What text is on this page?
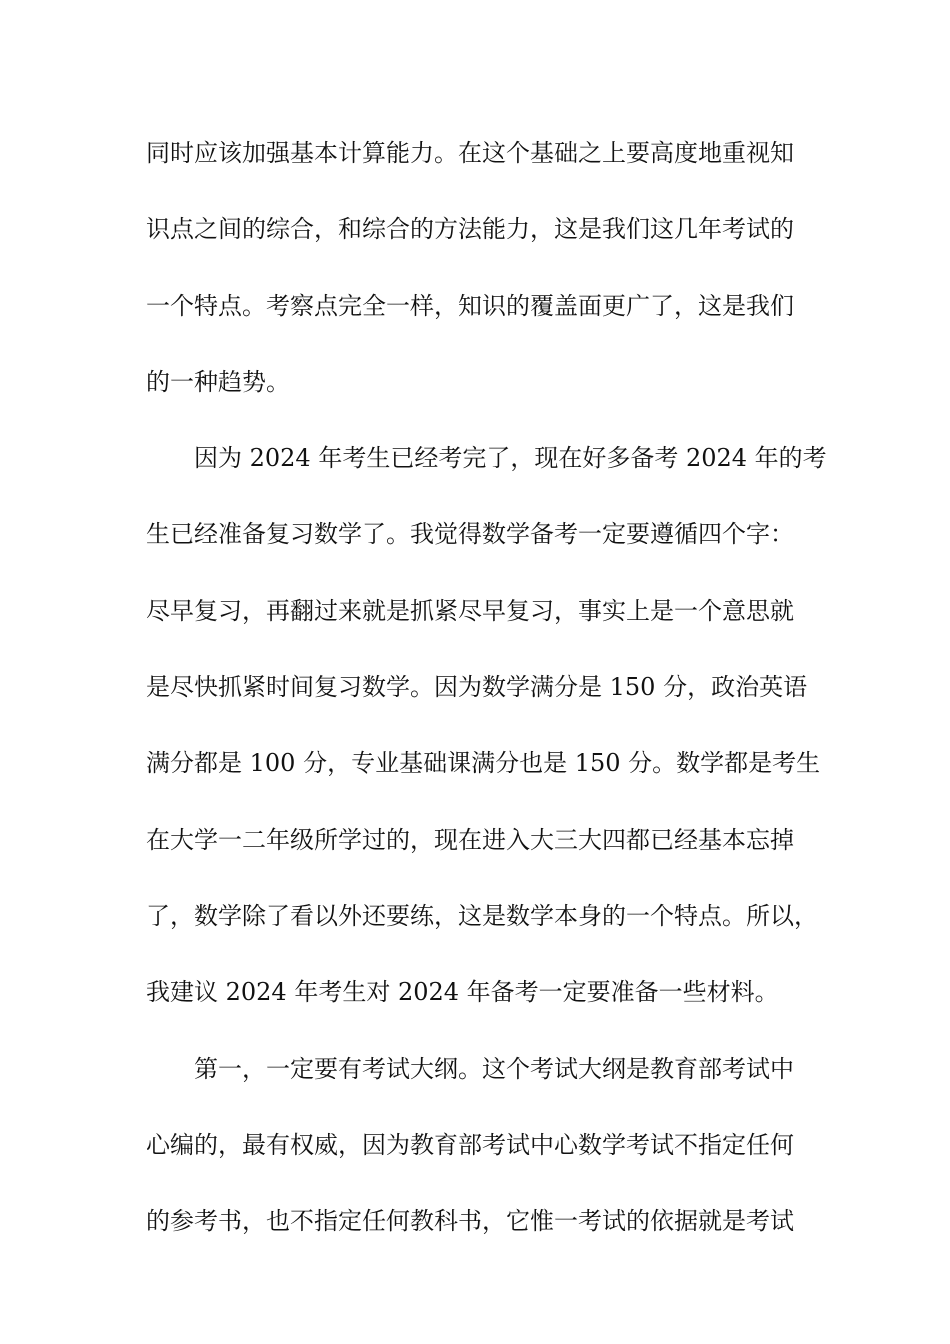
同时应该加强基本计算能力。在这个基础之上要高度地重视知
识点之间的综合，和综合的方法能力，这是我们这几年考试的
一个特点。考察点完全一样，知识的覆盖面更广了，这是我们
的一种趋势。
因为 2024 年考生已经考完了，现在好多备考 2024 年的考
生已经准备复习数学了。我觉得数学备考一定要遵循四个字：
尽早复习，再翻过来就是抓紧尽早复习，事实上是一个意思就
是尽快抓紧时间复习数学。因为数学满分是 150 分，政治英语
满分都是 100 分，专业基础课满分也是 150 分。数学都是考生
在大学一二年级所学过的，现在进入大三大四都已经基本忘掉
了，数学除了看以外还要练，这是数学本身的一个特点。所以，
我建议 2024 年考生对 2024 年备考一定要准备一些材料。
第一，一定要有考试大纲。这个考试大纲是教育部考试中
心编的，最有权威，因为教育部考试中心数学考试不指定任何
的参考书，也不指定任何教科书，它惟一考试的依据就是考试
